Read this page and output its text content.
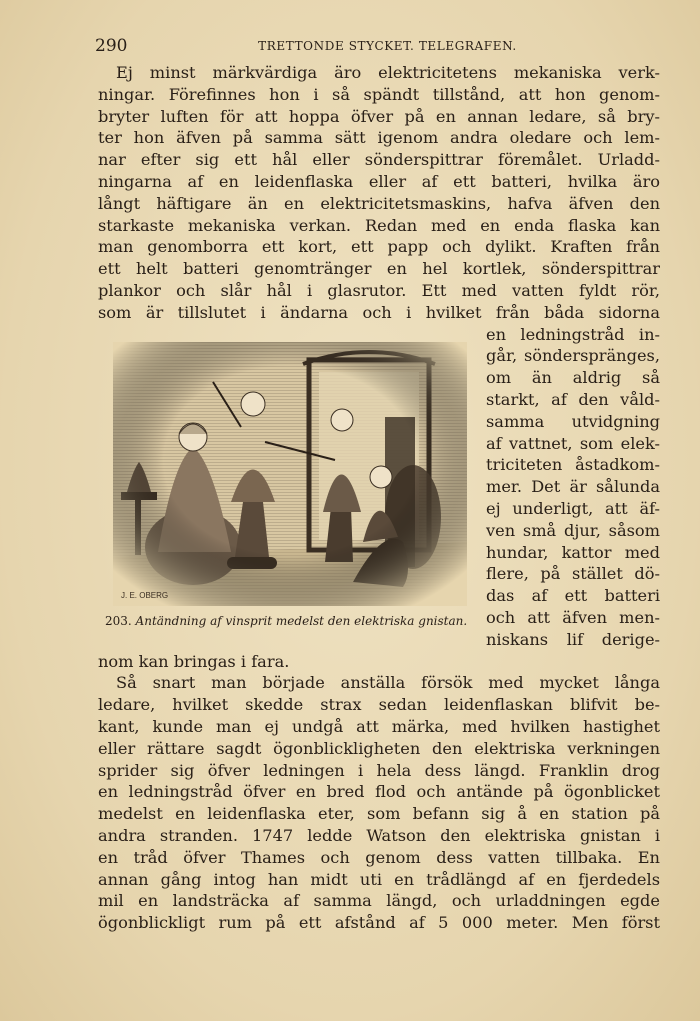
290	TRETTONDE STYCKET. TELEGRAFEN.
Ej minst märkvärdiga äro elektricitetens mekaniska verk-
ningar. Förefinnes hon i så spändt tillstånd, att hon genom-
bryter luften för att hoppa öfver på en annan ledare, så bry-
ter hon äfven på samma sätt igenom andra oledare och lem-
nar efter sig ett hål eller sönderspittrar föremålet. Urladd-
ningarna af en leidenflaska eller af ett batteri, hvilka äro
långt häftigare än en elektricitetsmaskins, hafva äfven den
starkaste mekaniska verkan. Redan med en enda flaska kan
man genomborra ett kort, ett papp och dylikt. Kraften från
ett helt batteri genomtränger en hel kortlek, sönderspittrar
plankor och slår hål i glasrutor. Ett med vatten fyldt rör,
som är tillslutet i ändarna och i hvilket från båda sidorna
en ledningstråd in-
går, sönderspränges,
om än aldrig så
starkt, af den våld-
samma utvidgning
af vattnet, som elek-
triciteten åstadkom-
mer. Det är sålunda
ej underligt, att äf-
ven små djur, såsom
hundar, kattor med
flere, på stället dö-
das af ett batteri
och att äfven men-
niskans lif derige-
nom kan bringas i fara.
Så snart man började anställa försök med mycket långa
ledare, hvilket skedde strax sedan leidenflaskan blifvit be-
kant, kunde man ej undgå att märka, med hvilken hastighet
eller rättare sagdt ögonblickligheten den elektriska verkningen
sprider sig öfver ledningen i hela dess längd. Franklin drog
en ledningstråd öfver en bred flod och antände på ögonblicket
medelst en leidenflaska eter, som befann sig å en station på
andra stranden. 1747 ledde Watson den elektriska gnistan i
en tråd öfver Thames och genom dess vatten tillbaka. En
annan gång intog han midt uti en trådlängd af en fjerdedels
mil en landsträcka af samma längd, och urladdningen egde
ögonblickligt rum på ett afstånd af 5 000 meter. Men först
J. E. OBERG
203. Antändning af vinsprit medelst den elektriska gnistan.
